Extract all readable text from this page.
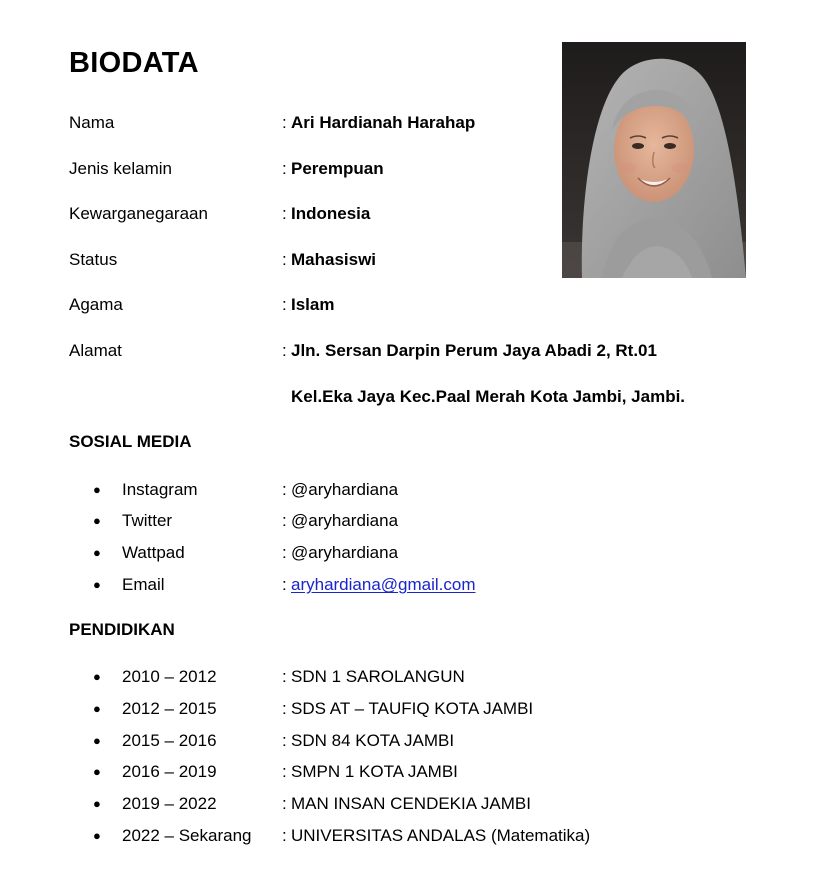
BIODATA
Nama	: Ari Hardianah Harahap
Jenis kelamin	: Perempuan
Kewarganegaraan	: Indonesia
Status	: Mahasiswi
Agama	: Islam
Alamat	: Jln. Sersan Darpin Perum Jaya Abadi 2, Rt.01
Kel.Eka Jaya Kec.Paal Merah Kota Jambi, Jambi.
SOSIAL MEDIA
● Instagram	: @aryhardiana
● Twitter	: @aryhardiana
● Wattpad	: @aryhardiana
● Email	: aryhardiana@gmail.com
PENDIDIKAN
● 2010 – 2012	: SDN 1 SAROLANGUN
● 2012 – 2015	: SDS AT – TAUFIQ KOTA JAMBI
● 2015 – 2016	: SDN 84 KOTA JAMBI
● 2016 – 2019	: SMPN 1 KOTA JAMBI
● 2019 – 2022	: MAN INSAN CENDEKIA JAMBI
● 2022 – Sekarang : UNIVERSITAS ANDALAS (Matematika)
